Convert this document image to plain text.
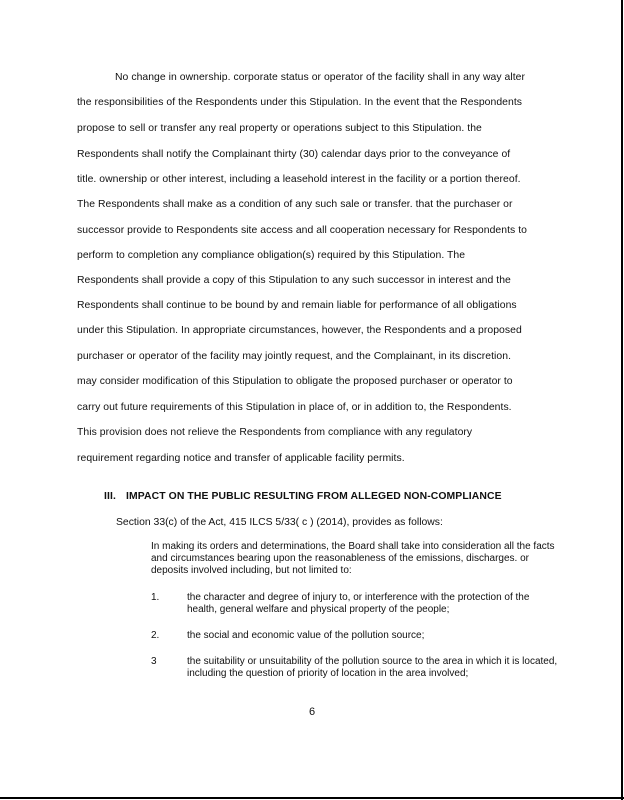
No change in ownership. corporate status or operator of the facility shall in any way alter
the responsibilities of the Respondents under this Stipulation. In the event that the Respondents
propose to sell or transfer any real property or operations subject to this Stipulation. the
Respondents shall notify the Complainant thirty (30) calendar days prior to the conveyance of
title. ownership or other interest, including a leasehold interest in the facility or a portion thereof.
The Respondents shall make as a condition of any such sale or transfer. that the purchaser or
successor provide to Respondents site access and all cooperation necessary for Respondents to
perform to completion any compliance obligation(s) required by this Stipulation. The
Respondents shall provide a copy of this Stipulation to any such successor in interest and the
Respondents shall continue to be bound by and remain liable for performance of all obligations
under this Stipulation. In appropriate circumstances, however, the Respondents and a proposed
purchaser or operator of the facility may jointly request, and the Complainant, in its discretion.
may consider modification of this Stipulation to obligate the proposed purchaser or operator to
carry out future requirements of this Stipulation in place of, or in addition to, the Respondents.
This provision does not relieve the Respondents from compliance with any regulatory
requirement regarding notice and transfer of applicable facility permits.
III. IMPACT ON THE PUBLIC RESULTING FROM ALLEGED NON-COMPLIANCE
Section 33(c) of the Act, 415 ILCS 5/33( c ) (2014), provides as follows:
In making its orders and determinations, the Board shall take into consideration all the facts and circumstances bearing upon the reasonableness of the emissions, discharges. or deposits involved including, but not limited to:
1.	the character and degree of injury to, or interference with the protection of the health, general welfare and physical property of the people;
2.	the social and economic value of the pollution source;
3	the suitability or unsuitability of the pollution source to the area in which it is located, including the question of priority of location in the area involved;
6
